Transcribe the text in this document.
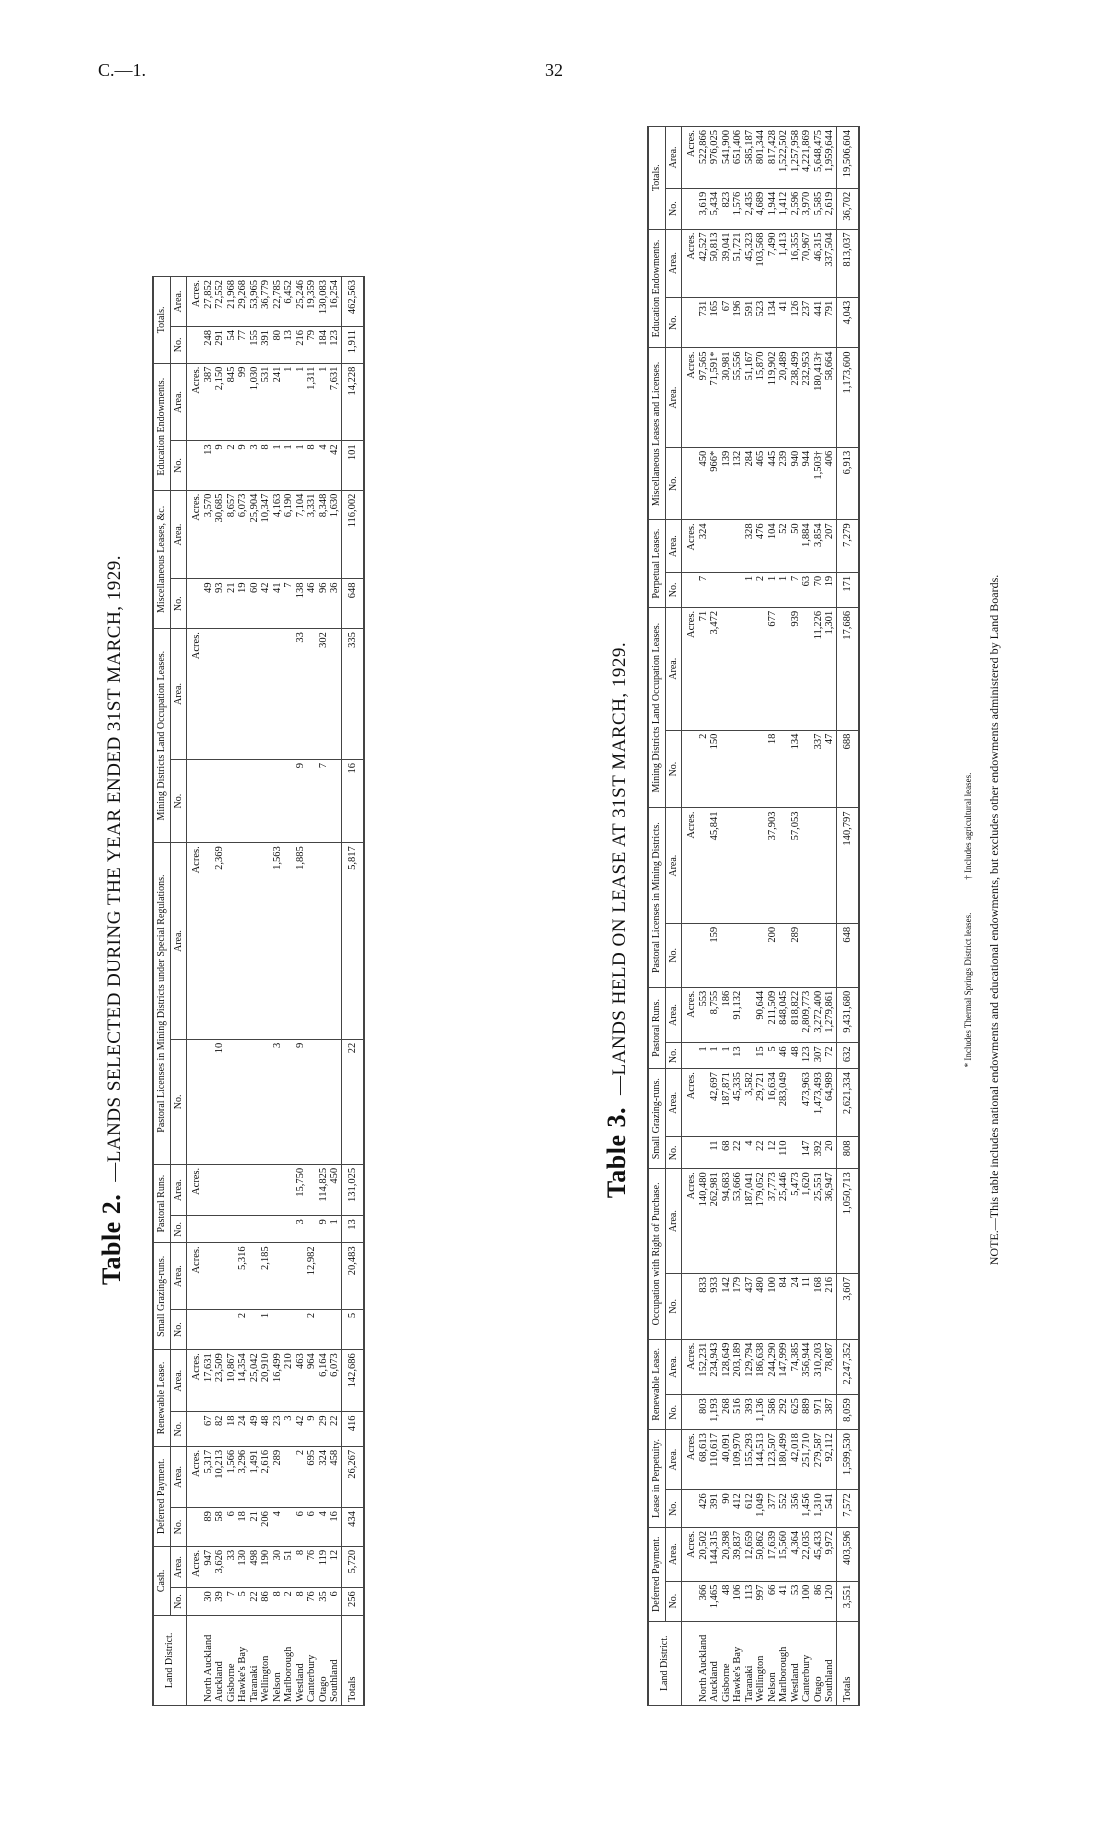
C.—1.	32
Table 2.—LANDS SELECTED DURING THE YEAR ENDED 31ST MARCH, 1929.
Land District.	Cash.		Deferred Payment.		Renewable Lease.		Small Grazing-runs.		Pastoral Runs.		Pastoral Licenses in Mining Districts under Special Regulations.		Mining Districts Land Occupation Leases.		Miscellaneous Leases, &c.		Education Endowments.		Totals.	
	No.	Area.	No.	Area.	No.	Area.	No.	Area.	No.	Area.	No.	Area.	No.	Area.	No.	Area.	No.	Area.	No.	Area.
		Acres.		Acres.		Acres.		Acres.		Acres.		Acres.		Acres.		Acres.		Acres.		Acres.
North Auckland	30	947	89	5,317	67	17,631									49	3,570	13	387	248	27,852
Auckland	39	3,626	58	10,213	82	23,509					10	2,369			93	30,685	9	2,150	291	72,552
Gisborne	7	33	6	1,566	18	10,867									21	8,657	2	845	54	21,968
Hawke's Bay	5	130	18	3,296	24	14,354	2	5,316							19	6,073	9	99	77	29,268
Taranaki	22	498	21	1,491	49	25,042									60	25,904	3	1,030	155	53,965
Wellington	86	190	206	2,616	48	20,910	1	2,185							42	10,347	8	531	391	36,779
Nelson	8	30	4	289	23	16,499					3	1,563			41	4,163	1	241	80	22,785
Marlborough	2	51			3	210									7	6,190	1	1	13	6,452
Westland	8	8	6	2	42	463			3	15,750	9	1,885	9	33	138	7,104	1	1	216	25,246
Canterbury	76	76	6	695	9	964	2	12,982							46	3,331	8	1,311	79	19,359
Otago	35	119	4	324	29	6,164			9	114,825			7	302	96	8,348	4	1	184	130,083
Southland	6	12	16	458	22	6,073			1	450					36	1,630	42	7,631	123	16,254
Totals	256	5,720	434	26,267	416	142,686	5	20,483	13	131,025	22	5,817	16	335	648	116,002	101	14,228	1,911	462,563
Table 3.—LANDS HELD ON LEASE AT 31ST MARCH, 1929.
Land District.	Deferred Payment.		Lease in Perpetuity.		Renewable Lease.		Occupation with Right of Purchase.		Small Grazing-runs.		Pastoral Runs.		Pastoral Licenses in Mining Districts.		Mining Districts Land Occupation Leases.		Perpetual Leases.		Miscellaneous Leases and Licenses.		Education Endowments.		Totals.	
	No.	Area.	No.	Area.	No.	Area.	No.	Area.	No.	Area.	No.	Area.	No.	Area.	No.	Area.	No.	Area.	No.	Area.	No.	Area.	No.	Area.
		Acres.		Acres.		Acres.		Acres.		Acres.		Acres.		Acres.		Acres.		Acres.		Acres.		Acres.		Acres.
North Auckland	366	20,502	426	68,613	803	152,231	833	140,480			1	553			2	71	7	324	450	97,565	731	42,527	3,619	522,866
Auckland	1,465	144,315	391	110,617	1,193	234,943	933	262,981	11	42,697	1	8,755	159	45,841	150	3,472			966*	71,591*	165	50,813	5,434	976,025
Gisborne	48	20,398	90	40,091	268	128,649	142	94,683	68	187,871	1	186							139	30,981	67	39,041	823	541,900
Hawke's Bay	106	39,837	412	109,970	516	203,189	179	53,666	22	45,335	13	91,132							132	55,556	196	51,721	1,576	651,406
Taranaki	113	12,659	612	155,293	393	129,794	437	187,041	4	3,582							1	328	284	51,167	591	45,323	2,435	585,187
Wellington	997	50,862	1,049	144,513	1,136	186,638	480	179,052	22	29,721	15	90,644					2	476	465	15,870	523	103,568	4,689	801,344
Nelson	66	17,639	377	123,507	586	244,290	100	37,773	12	16,634	5	211,509	200	37,903	18	677	1	104	445	119,902	134	7,490	1,944	817,428
Marlborough	41	15,560	552	180,499	292	147,999	84	25,446	110	283,049	46	848,045					1	52	239	20,489	41	1,413	1,412	1,522,502
Westland	53	4,364	356	42,018	625	74,385	24	5,473			48	818,822	289	57,053	134	939	7	50	940	238,499	126	16,355	2,596	1,257,958
Canterbury	100	22,035	1,456	251,710	889	356,944	11	1,620	147	473,963	123	2,809,773					63	1,884	944	232,953	237	70,967	3,970	4,221,869
Otago	86	45,433	1,310	279,587	971	310,203	168	25,551	392	1,473,493	307	3,272,400			337	11,226	70	3,854	1,503†	180,413†	441	46,315	5,585	5,648,475
Southland	120	9,972	541	92,112	387	78,087	216	36,947	20	64,989	72	1,279,861			47	1,301	19	207	406	58,664	791	337,504	2,619	1,959,644
Totals	3,551	403,596	7,572	1,599,530	8,059	2,247,352	3,607	1,050,713	808	2,621,334	632	9,431,680	648	140,797	688	17,686	171	7,279	6,913	1,173,600	4,043	813,037	36,702	19,506,604
* Includes Thermal Springs District leases.            † Includes agricultural leases. NOTE.—This table includes national endowments and educational endowments, but excludes other endowments administered by Land Boards.
